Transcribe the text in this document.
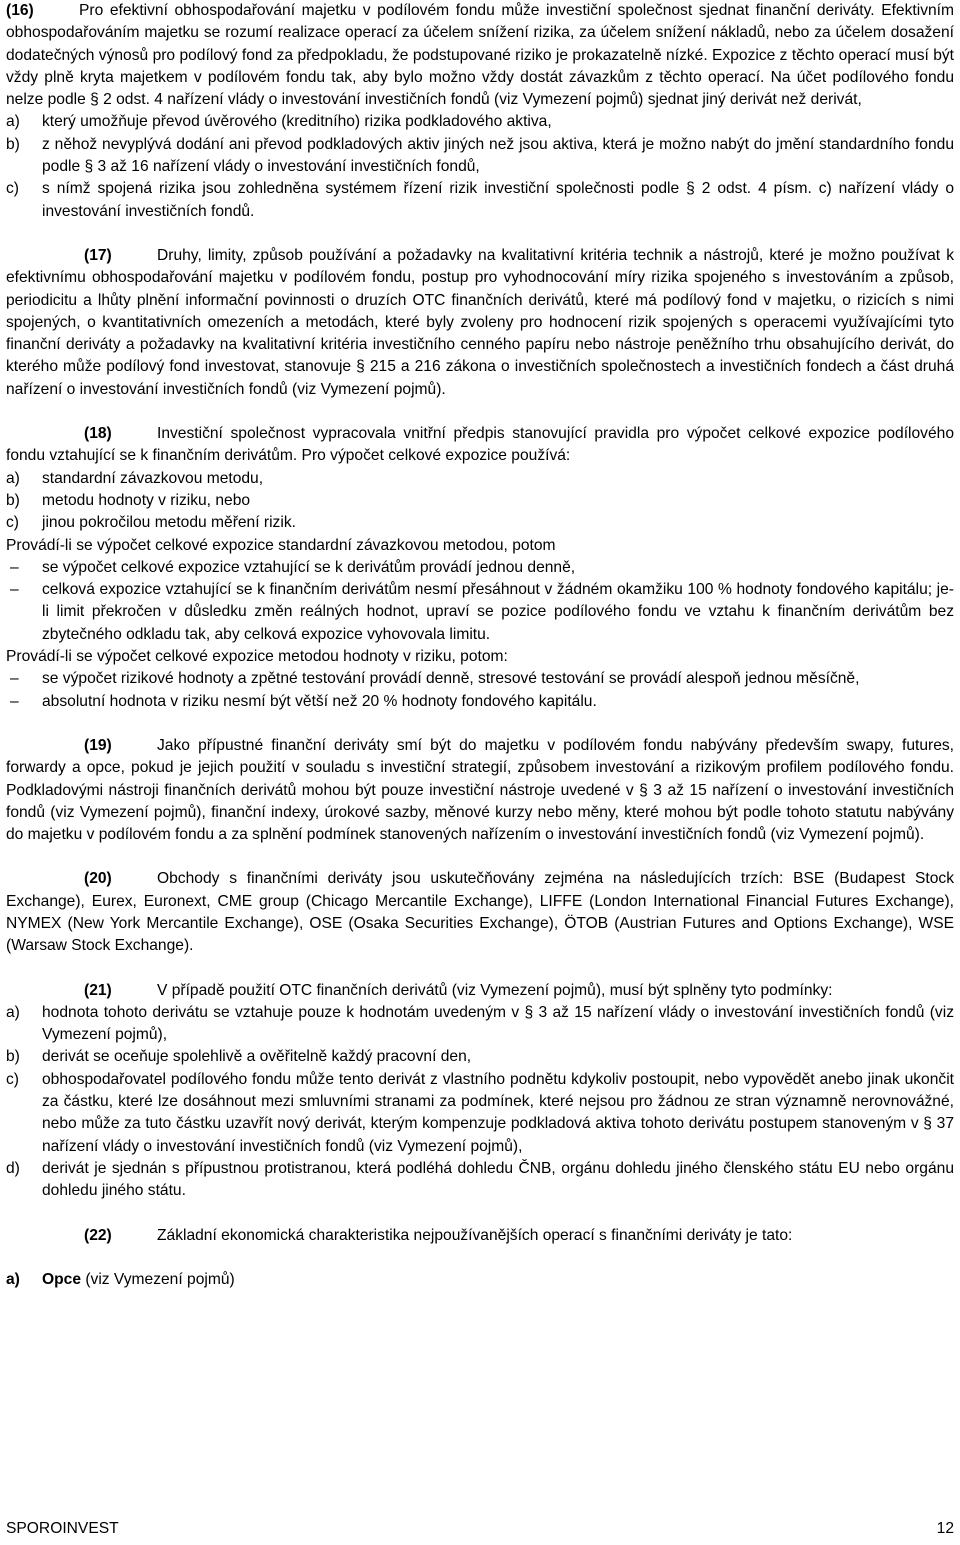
(16)	Pro efektivní obhospodařování majetku v podílovém fondu může investiční společnost sjednat finanční deriváty. Efektivním obhospodařováním majetku se rozumí realizace operací za účelem snížení rizika, za účelem snížení nákladů, nebo za účelem dosažení dodatečných výnosů pro podílový fond za předpokladu, že podstupované riziko je prokazatelně nízké. Expozice z těchto operací musí být vždy plně kryta majetkem v podílovém fondu tak, aby bylo možno vždy dostát závazkům z těchto operací. Na účet podílového fondu nelze podle § 2 odst. 4 nařízení vlády o investování investičních fondů (viz Vymezení pojmů) sjednat jiný derivát než derivát,

a) který umožňuje převod úvěrového (kreditního) rizika podkladového aktiva,
b) z něhož nevyplývá dodání ani převod podkladových aktiv jiných než jsou aktiva, která je možno nabýt do jmění standardního fondu podle § 3 až 16 nařízení vlády o investování investičních fondů,
c) s nímž spojená rizika jsou zohledněna systémem řízení rizik investiční společnosti podle § 2 odst. 4 písm. c) nařízení vlády o investování investičních fondů.

(17)	Druhy, limity, způsob používání a požadavky na kvalitativní kritéria technik a nástrojů, které je možno používat k efektivnímu obhospodařování majetku v podílovém fondu, postup pro vyhodnocování míry rizika spojeného s investováním a způsob, periodicitu a lhůty plnění informační povinnosti o druzích OTC finančních derivátů, které má podílový fond v majetku, o rizicích s nimi spojených, o kvantitativních omezeních a metodách, které byly zvoleny pro hodnocení rizik spojených s operacemi využívajícími tyto finanční deriváty a požadavky na kvalitativní kritéria investičního cenného papíru nebo nástroje peněžního trhu obsahujícího derivát, do kterého může podílový fond investovat, stanovuje § 215 a 216 zákona o investičních společnostech a investičních fondech a část druhá nařízení o investování investičních fondů (viz Vymezení pojmů).

(18)	Investiční společnost vypracovala vnitřní předpis stanovující pravidla pro výpočet celkové expozice podílového fondu vztahující se k finančním derivátům. Pro výpočet celkové expozice používá:

a) standardní závazkovou metodu,
b) metodu hodnoty v riziku, nebo
c) jinou pokročilou metodu měření rizik.

Provádí-li se výpočet celkové expozice standardní závazkovou metodou, potom

– se výpočet celkové expozice vztahující se k derivátům provádí jednou denně,
– celková expozice vztahující se k finančním derivátům nesmí přesáhnout v žádném okamžiku 100 % hodnoty fondového kapitálu; je-li limit překročen v důsledku změn reálných hodnot, upraví se pozice podílového fondu ve vztahu k finančním derivátům bez zbytečného odkladu tak, aby celková expozice vyhovovala limitu.

Provádí-li se výpočet celkové expozice metodou hodnoty v riziku, potom:

– se výpočet rizikové hodnoty a zpětné testování provádí denně, stresové testování se provádí alespoň jednou měsíčně,
– absolutní hodnota v riziku nesmí být větší než 20 % hodnoty fondového kapitálu.

(19)	Jako přípustné finanční deriváty smí být do majetku v podílovém fondu nabývány především swapy, futures, forwardy a opce, pokud je jejich použití v souladu s investiční strategií, způsobem investování a rizikovým profilem podílového fondu. Podkladovými nástroji finančních derivátů mohou být pouze investiční nástroje uvedené v § 3 až 15 nařízení o investování investičních fondů (viz Vymezení pojmů), finanční indexy, úrokové sazby, měnové kurzy nebo měny, které mohou být podle tohoto statutu nabývány do majetku v podílovém fondu a za splnění podmínek stanovených nařízením o investování investičních fondů (viz Vymezení pojmů).

(20)	Obchody s finančními deriváty jsou uskutečňovány zejména na následujících trzích: BSE (Budapest Stock Exchange), Eurex, Euronext, CME group (Chicago Mercantile Exchange), LIFFE (London International Financial Futures Exchange), NYMEX (New York Mercantile Exchange), OSE (Osaka Securities Exchange), ÖTOB (Austrian Futures and Options Exchange), WSE (Warsaw Stock Exchange).

(21)	V případě použití OTC finančních derivátů (viz Vymezení pojmů), musí být splněny tyto podmínky:

a) hodnota tohoto derivátu se vztahuje pouze k hodnotám uvedeným v § 3 až 15 nařízení vlády o investování investičních fondů (viz Vymezení pojmů),
b) derivát se oceňuje spolehlivě a ověřitelně každý pracovní den,
c) obhospodařovatel podílového fondu může tento derivát z vlastního podnětu kdykoliv postoupit, nebo vypovědět anebo jinak ukončit za částku, které lze dosáhnout mezi smluvními stranami za podmínek, které nejsou pro žádnou ze stran významně nerovnovážné, nebo může za tuto částku uzavřít nový derivát, kterým kompenzuje podkladová aktiva tohoto derivátu postupem stanoveným v § 37 nařízení vlády o investování investičních fondů (viz Vymezení pojmů),
d) derivát je sjednán s přípustnou protistranou, která podléhá dohledu ČNB, orgánu dohledu jiného členského státu EU nebo orgánu dohledu jiného státu.

(22)	Základní ekonomická charakteristika nejpoužívanějších operací s finančními deriváty je tato:

a) Opce (viz Vymezení pojmů)

SPOROINVEST	12
